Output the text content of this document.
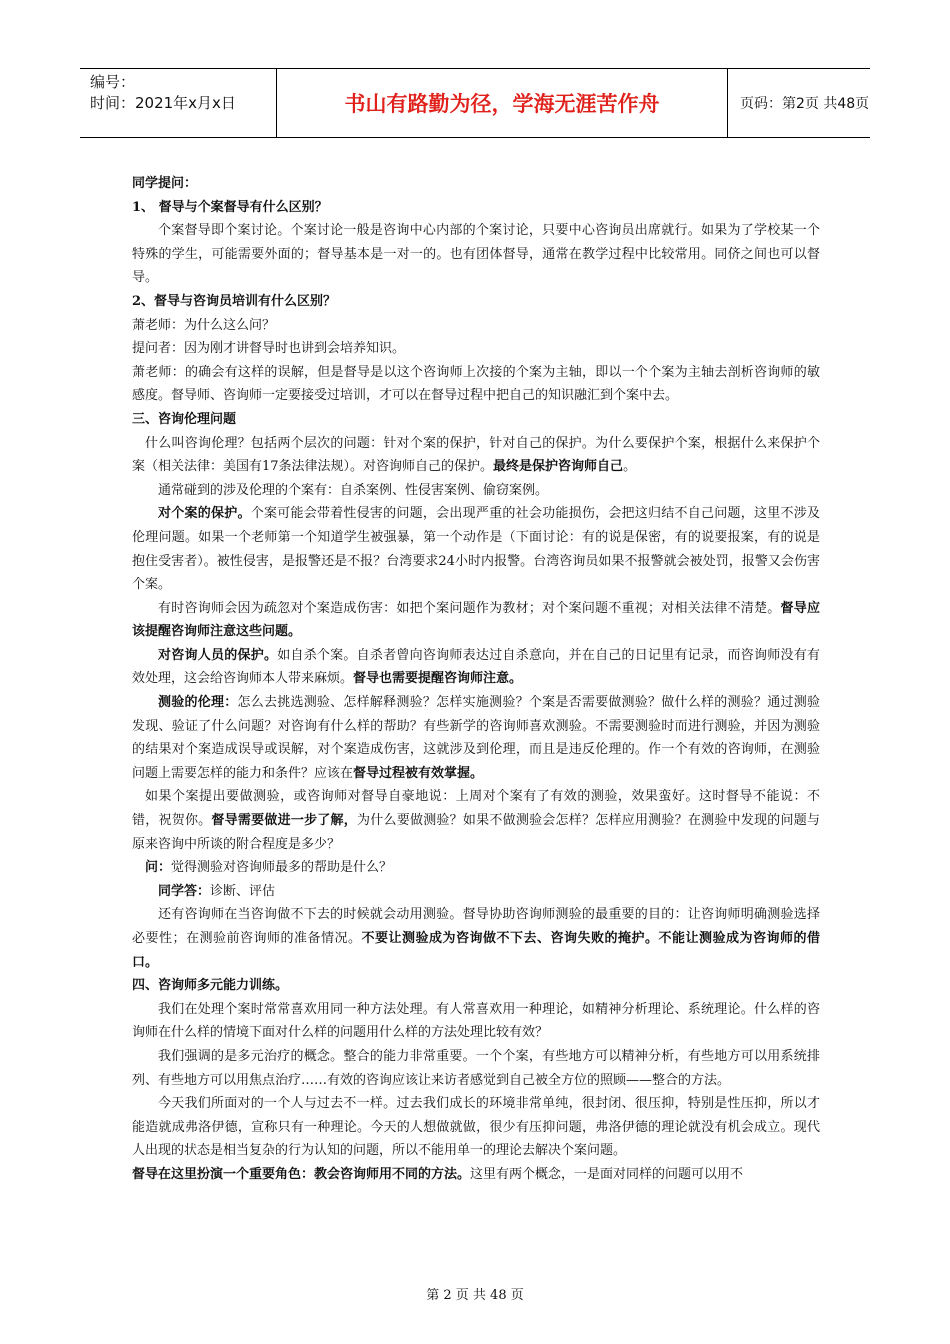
编号：
时间：2021年x月x日	书山有路勤为径，学海无涯苦作舟	页码：第2页 共48页

同学提问：

1、 督导与个案督导有什么区别？

个案督导即个案讨论。个案讨论一般是咨询中心内部的个案讨论，只要中心咨询员出席就行。如果为了学校某一个特殊的学生，可能需要外面的；督导基本是一对一的。也有团体督导，通常在教学过程中比较常用。同侪之间也可以督导。

2、督导与咨询员培训有什么区别？

萧老师：为什么这么问？

提问者：因为刚才讲督导时也讲到会培养知识。

萧老师：的确会有这样的误解，但是督导是以这个咨询师上次接的个案为主轴，即以一个个案为主轴去剖析咨询师的敏感度。督导师、咨询师一定要接受过培训，才可以在督导过程中把自己的知识融汇到个案中去。

三、咨询伦理问题

什么叫咨询伦理？包括两个层次的问题：针对个案的保护，针对自己的保护。为什么要保护个案，根据什么来保护个案（相关法律：美国有17条法律法规）。对咨询师自己的保护。最终是保护咨询师自己。

通常碰到的涉及伦理的个案有：自杀案例、性侵害案例、偷窃案例。

对个案的保护。个案可能会带着性侵害的问题，会出现严重的社会功能损伤，会把这归结不自己问题，这里不涉及伦理问题。如果一个老师第一个知道学生被强暴，第一个动作是（下面讨论：有的说是保密，有的说要报案，有的说是抱住受害者）。被性侵害，是报警还是不报？台湾要求24小时内报警。台湾咨询员如果不报警就会被处罚，报警又会伤害个案。

有时咨询师会因为疏忽对个案造成伤害：如把个案问题作为教材；对个案问题不重视；对相关法律不清楚。督导应该提醒咨询师注意这些问题。

对咨询人员的保护。如自杀个案。自杀者曾向咨询师表达过自杀意向，并在自己的日记里有记录，而咨询师没有有效处理，这会给咨询师本人带来麻烦。督导也需要提醒咨询师注意。

测验的伦理：怎么去挑选测验、怎样解释测验？怎样实施测验？个案是否需要做测验？做什么样的测验？通过测验发现、验证了什么问题？对咨询有什么样的帮助？有些新学的咨询师喜欢测验。不需要测验时而进行测验，并因为测验的结果对个案造成误导或误解，对个案造成伤害，这就涉及到伦理，而且是违反伦理的。作一个有效的咨询师，在测验问题上需要怎样的能力和条件？应该在督导过程被有效掌握。

如果个案提出要做测验，或咨询师对督导自豪地说：上周对个案有了有效的测验，效果蛮好。这时督导不能说：不错，祝贺你。督导需要做进一步了解，为什么要做测验？如果不做测验会怎样？怎样应用测验？在测验中发现的问题与原来咨询中所谈的附合程度是多少？

问：觉得测验对咨询师最多的帮助是什么？

同学答：诊断、评估

还有咨询师在当咨询做不下去的时候就会动用测验。督导协助咨询师测验的最重要的目的：让咨询师明确测验选择必要性；在测验前咨询师的准备情况。不要让测验成为咨询做不下去、咨询失败的掩护。不能让测验成为咨询师的借口。

四、咨询师多元能力训练。

我们在处理个案时常常喜欢用同一种方法处理。有人常喜欢用一种理论，如精神分析理论、系统理论。什么样的咨询师在什么样的情境下面对什么样的问题用什么样的方法处理比较有效？

我们强调的是多元治疗的概念。整合的能力非常重要。一个个案，有些地方可以精神分析，有些地方可以用系统排列、有些地方可以用焦点治疗……有效的咨询应该让来访者感觉到自己被全方位的照顾——整合的方法。

今天我们所面对的一个人与过去不一样。过去我们成长的环境非常单纯，很封闭、很压抑，特别是性压抑，所以才能造就成弗洛伊德，宣称只有一种理论。今天的人想做就做，很少有压抑问题，弗洛伊德的理论就没有机会成立。现代人出现的状态是相当复杂的行为认知的问题，所以不能用单一的理论去解决个案问题。

督导在这里扮演一个重要角色：教会咨询师用不同的方法。这里有两个概念，一是面对同样的问题可以用不

第 2 页 共 48 页
